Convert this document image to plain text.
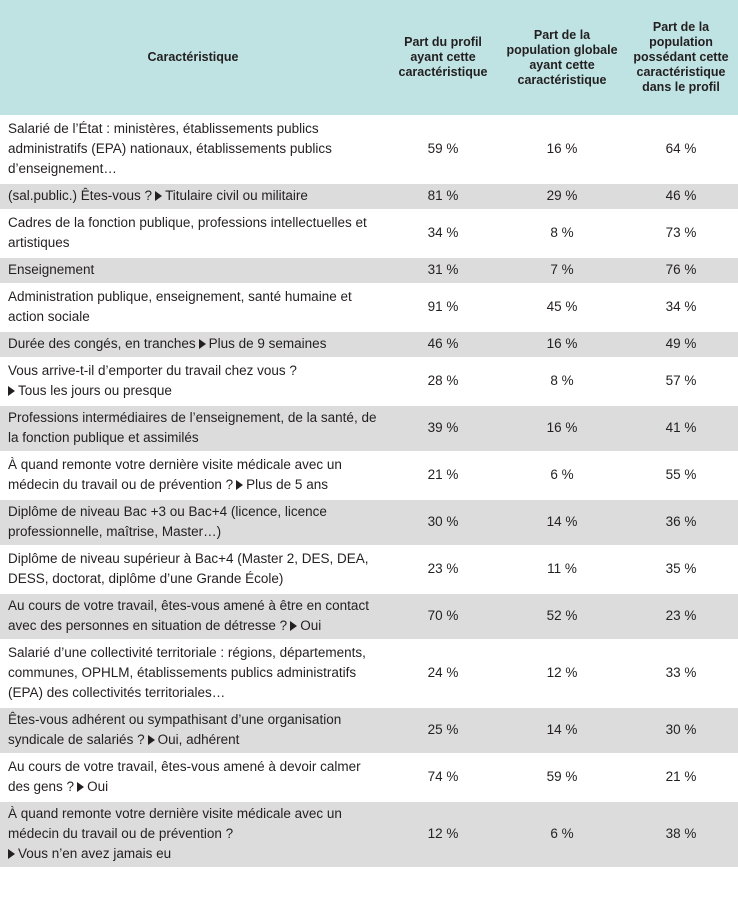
Caractéristique	Part du profil ayant cette caractéristique	Part de la population globale ayant cette caractéristique	Part de la population possédant cette caractéristique dans le profil
Salarié de l’État : ministères, établissements publics administratifs (EPA) nationaux, établissements publics d’enseignement…	59 %	16 %	64 %
(sal.public.) Êtes-vous ? Titulaire civil ou militaire	81 %	29 %	46 %
Cadres de la fonction publique, professions intellectuelles et artistiques	34 %	8 %	73 %
Enseignement	31 %	7 %	76 %
Administration publique, enseignement, santé humaine et action sociale	91 %	45 %	34 %
Durée des congés, en tranches Plus de 9 semaines	46 %	16 %	49 %
Vous arrive-t-il d’emporter du travail chez vous ?
Tous les jours ou presque	28 %	8 %	57 %
Professions intermédiaires de l’enseignement, de la santé, de la fonction publique et assimilés	39 %	16 %	41 %
À quand remonte votre dernière visite médicale avec un médecin du travail ou de prévention ? Plus de 5 ans	21 %	6 %	55 %
Diplôme de niveau Bac +3 ou Bac+4 (licence, licence professionnelle, maîtrise, Master…)	30 %	14 %	36 %
Diplôme de niveau supérieur à Bac+4 (Master 2, DES, DEA, DESS, doctorat, diplôme d’une Grande École)	23 %	11 %	35 %
Au cours de votre travail, êtes-vous amené à être en contact avec des personnes en situation de détresse ? Oui	70 %	52 %	23 %
Salarié d’une collectivité territoriale : régions, départements, communes, OPHLM, établissements publics administratifs (EPA) des collectivités territoriales…	24 %	12 %	33 %
Êtes-vous adhérent ou sympathisant d’une organisation syndicale de salariés ? Oui, adhérent	25 %	14 %	30 %
Au cours de votre travail, êtes-vous amené à devoir calmer des gens ? Oui	74 %	59 %	21 %
À quand remonte votre dernière visite médicale avec un médecin du travail ou de prévention ?
Vous n’en avez jamais eu	12 %	6 %	38 %
